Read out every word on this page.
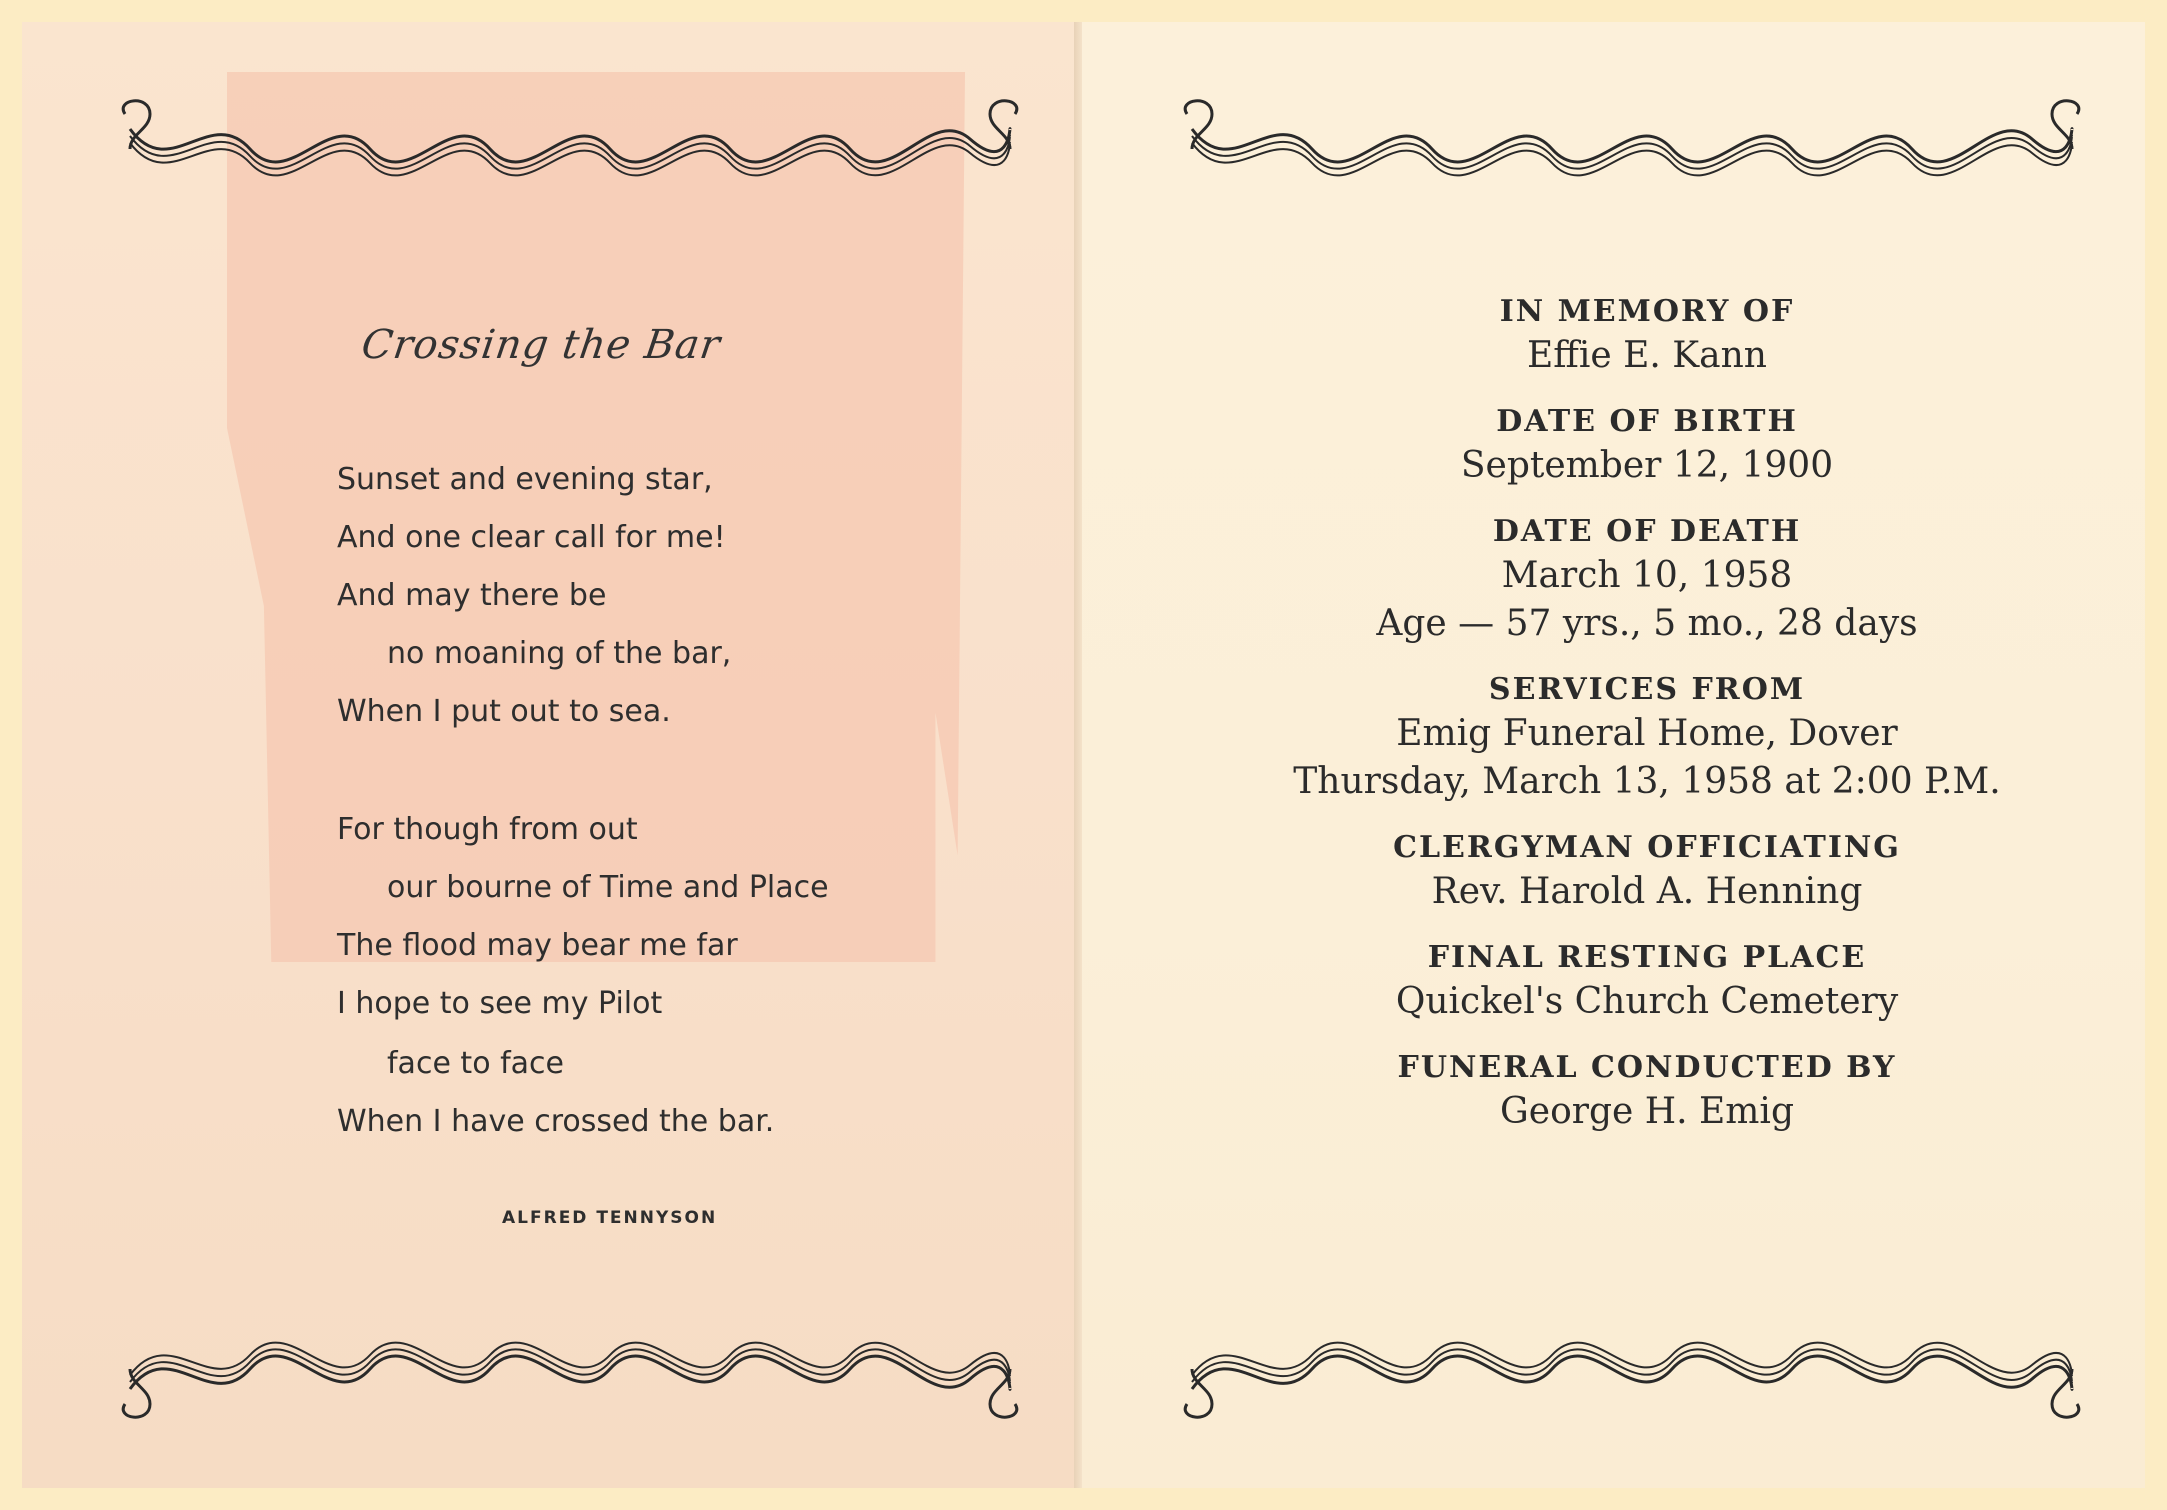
Crossing the Bar
Sunset and evening star,
And one clear call for me!
And may there be
no moaning of the bar,
When I put out to sea.
For though from out
our bourne of Time and Place
The flood may bear me far
I hope to see my Pilot
face to face
When I have crossed the bar.
ALFRED TENNYSON
IN MEMORY OF
Effie E. Kann
DATE OF BIRTH
September 12, 1900
DATE OF DEATH
March 10, 1958
Age — 57 yrs., 5 mo., 28 days
SERVICES FROM
Emig Funeral Home, Dover
Thursday, March 13, 1958 at 2:00 P.M.
CLERGYMAN OFFICIATING
Rev. Harold A. Henning
FINAL RESTING PLACE
Quickel's Church Cemetery
FUNERAL CONDUCTED BY
George H. Emig
